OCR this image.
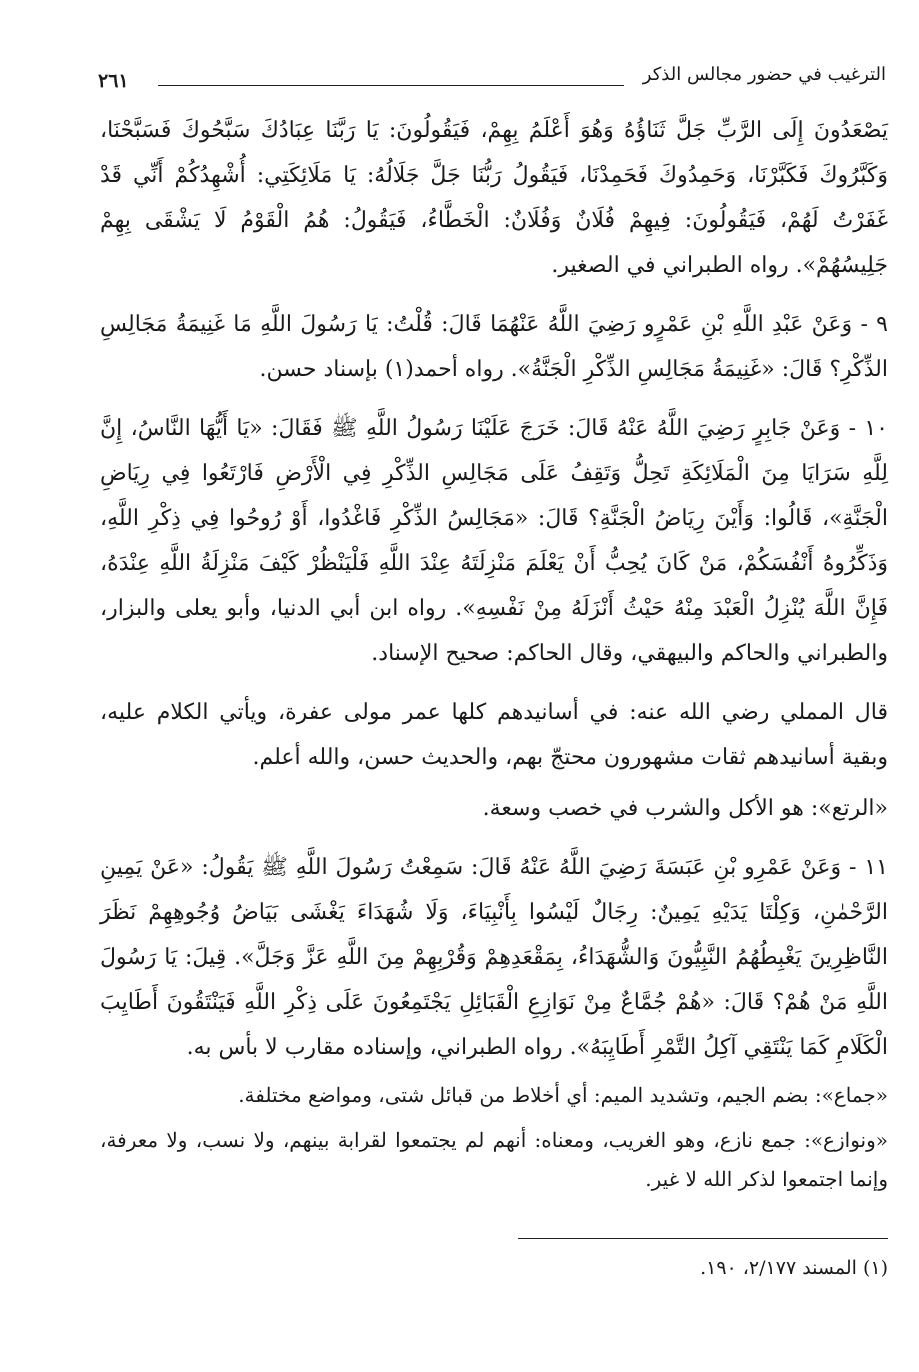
الترغيب في حضور مجالس الذكر
٢٦١

يَصْعَدُونَ إِلَى الرَّبِّ جَلَّ ثَنَاؤُهُ وَهُوَ أَعْلَمُ بِهِمْ، فَيَقُولُونَ: يَا رَبَّنَا عِبَادُكَ سَبَّحُوكَ فَسَبَّحْنَا، وَكَبَّرُوكَ فَكَبَّرْنَا، وَحَمِدُوكَ فَحَمِدْنَا، فَيَقُولُ رَبُّنَا جَلَّ جَلَالُهُ: يَا مَلَائِكَتِي: أُشْهِدُكُمْ أَنِّي قَدْ غَفَرْتُ لَهُمْ، فَيَقُولُونَ: فِيهِمْ فُلَانٌ وَفُلَانٌ: الْخَطَّاءُ، فَيَقُولُ: هُمُ الْقَوْمُ لَا يَشْقَى بِهِمْ جَلِيسُهُمْ». رواه الطبراني في الصغير.

٩ - وَعَنْ عَبْدِ اللَّهِ بْنِ عَمْرٍو رَضِيَ اللَّهُ عَنْهُمَا قَالَ: قُلْتُ: يَا رَسُولَ اللَّهِ مَا غَنِيمَةُ مَجَالِسِ الذِّكْرِ؟ قَالَ: «غَنِيمَةُ مَجَالِسِ الذِّكْرِ الْجَنَّةُ». رواه أحمد(١) بإسناد حسن.

١٠ - وَعَنْ جَابِرٍ رَضِيَ اللَّهُ عَنْهُ قَالَ: خَرَجَ عَلَيْنَا رَسُولُ اللَّهِ ﷺ فَقَالَ: «يَا أَيُّهَا النَّاسُ، إِنَّ لِلَّهِ سَرَايَا مِنَ الْمَلَائِكَةِ تَحِلُّ وَتَقِفُ عَلَى مَجَالِسِ الذِّكْرِ فِي الْأَرْضِ فَارْتَعُوا فِي رِيَاضِ الْجَنَّةِ»، قَالُوا: وَأَيْنَ رِيَاضُ الْجَنَّةِ؟ قَالَ: «مَجَالِسُ الذِّكْرِ فَاغْدُوا، أَوْ رُوحُوا فِي ذِكْرِ اللَّهِ، وَذَكِّرُوهُ أَنْفُسَكُمْ، مَنْ كَانَ يُحِبُّ أَنْ يَعْلَمَ مَنْزِلَتَهُ عِنْدَ اللَّهِ فَلْيَنْظُرْ كَيْفَ مَنْزِلَةُ اللَّهِ عِنْدَهُ، فَإِنَّ اللَّهَ يُنْزِلُ الْعَبْدَ مِنْهُ حَيْثُ أَنْزَلَهُ مِنْ نَفْسِهِ». رواه ابن أبي الدنيا، وأبو يعلى والبزار، والطبراني والحاكم والبيهقي، وقال الحاكم: صحيح الإسناد.

قال المملي رضي الله عنه: في أسانيدهم كلها عمر مولى عفرة، ويأتي الكلام عليه، وبقية أسانيدهم ثقات مشهورون محتجّ بهم، والحديث حسن، والله أعلم.

«الرتع»: هو الأكل والشرب في خصب وسعة.

١١ - وَعَنْ عَمْرِو بْنِ عَبَسَةَ رَضِيَ اللَّهُ عَنْهُ قَالَ: سَمِعْتُ رَسُولَ اللَّهِ ﷺ يَقُولُ: «عَنْ يَمِينِ الرَّحْمٰنِ، وَكِلْتَا يَدَيْهِ يَمِينٌ: رِجَالٌ لَيْسُوا بِأَنْبِيَاءَ، وَلَا شُهَدَاءَ يَغْشَى بَيَاضُ وُجُوهِهِمْ نَظَرَ النَّاظِرِينَ يَغْبِطُهُمُ النَّبِيُّونَ وَالشُّهَدَاءُ، بِمَقْعَدِهِمْ وَقُرْبِهِمْ مِنَ اللَّهِ عَزَّ وَجَلَّ». قِيلَ: يَا رَسُولَ اللَّهِ مَنْ هُمْ؟ قَالَ: «هُمْ جُمَّاعٌ مِنْ نَوَازِعِ الْقَبَائِلِ يَجْتَمِعُونَ عَلَى ذِكْرِ اللَّهِ فَيَنْتَقُونَ أَطَايِبَ الْكَلَامِ كَمَا يَنْتَقِي آكِلُ التَّمْرِ أَطَايِبَهُ». رواه الطبراني، وإسناده مقارب لا بأس به.

«جماع»: بضم الجيم، وتشديد الميم: أي أخلاط من قبائل شتى، ومواضع مختلفة.

«ونوازع»: جمع نازع، وهو الغريب، ومعناه: أنهم لم يجتمعوا لقرابة بينهم، ولا نسب، ولا معرفة، وإنما اجتمعوا لذكر الله لا غير.

(١) المسند ٢/١٧٧، ١٩٠.
